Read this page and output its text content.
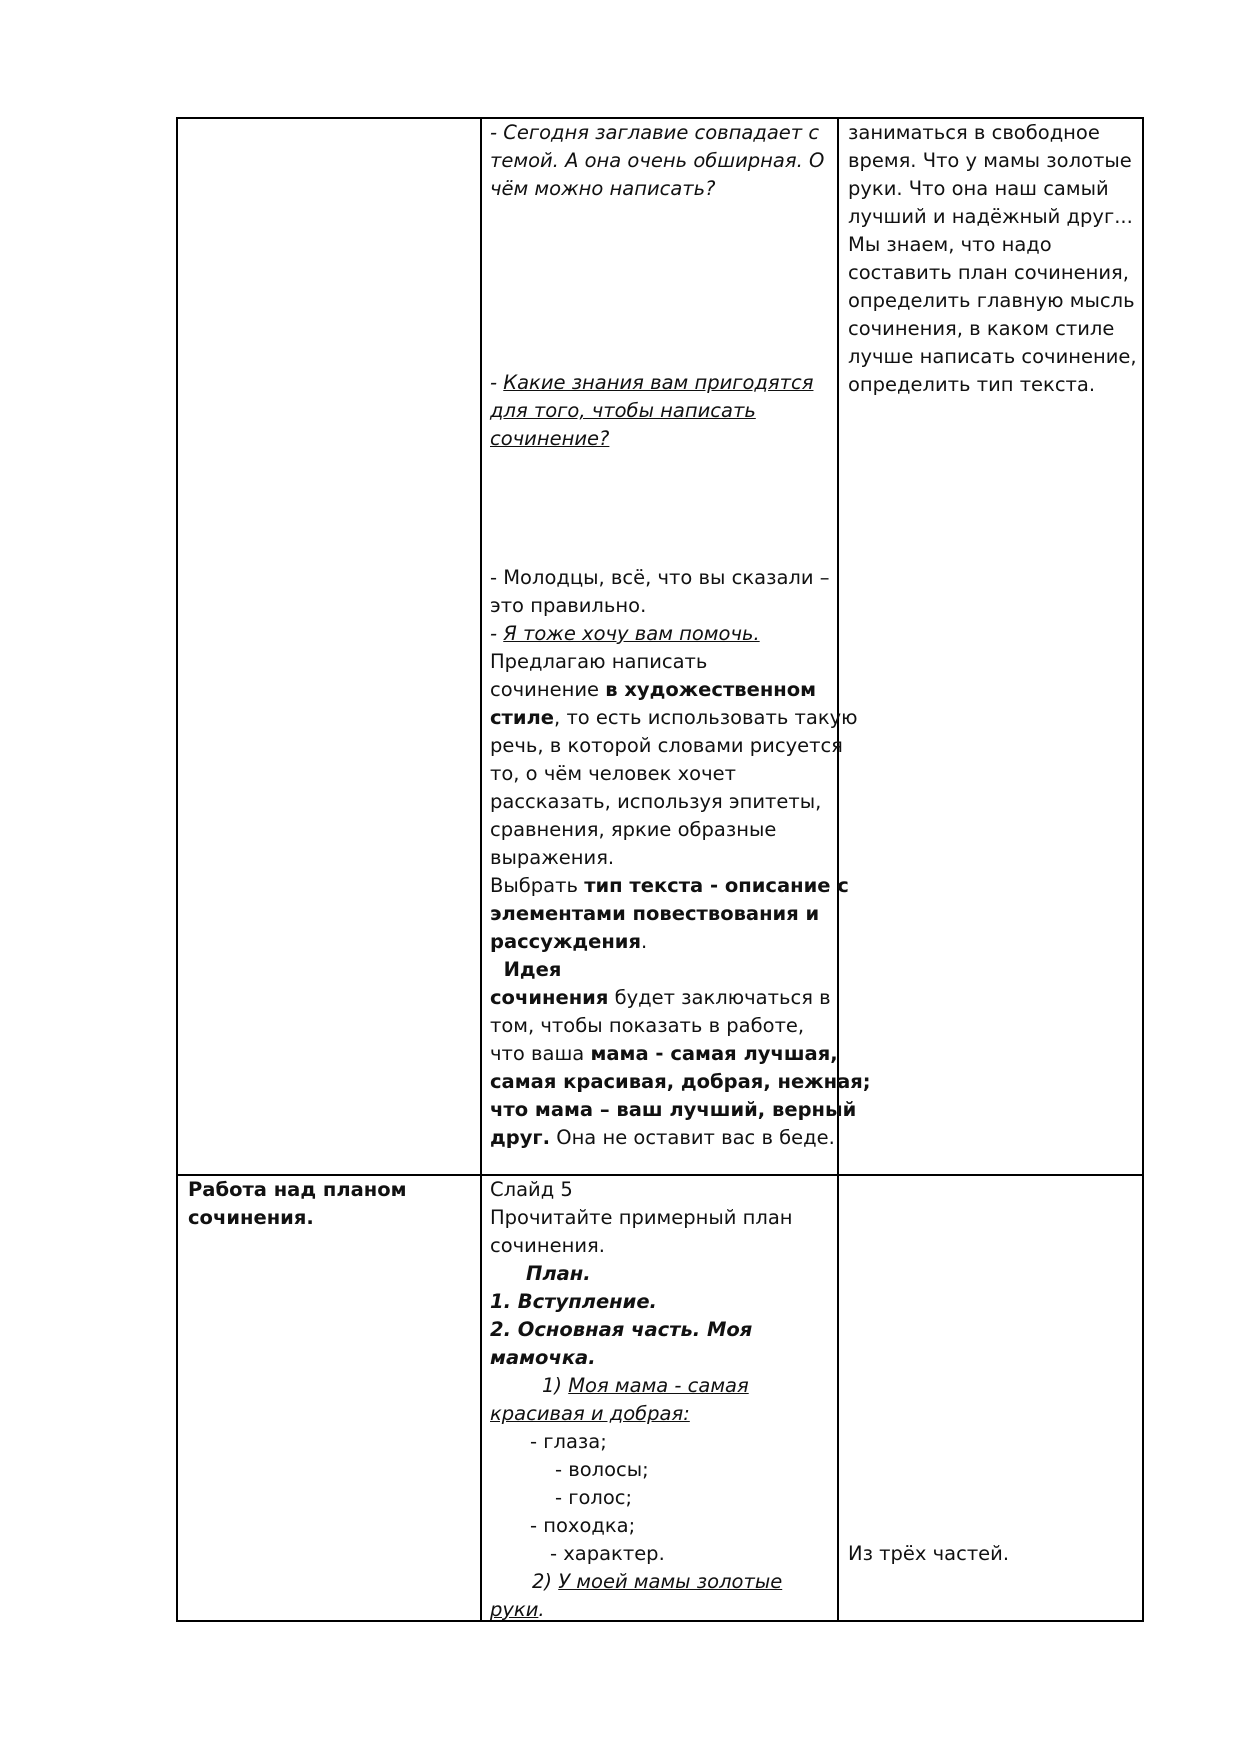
- Сегодня заглавие совпадает с
темой. А она очень обширная. О
чём можно написать?
- Какие знания вам пригодятся
для того, чтобы написать
сочинение?
- Молодцы, всё, что вы сказали –
это правильно.
- Я тоже хочу вам помочь.
Предлагаю написать
сочинение в художественном
стиле, то есть использовать такую
речь, в которой словами рисуется
то, о чём человек хочет
рассказать, используя эпитеты,
сравнения, яркие образные
выражения.
Выбрать тип текста - описание с
элементами повествования и
рассуждения.
Идея
сочинения будет заключаться в
том, чтобы показать в работе,
что ваша мама - самая лучшая,
самая красивая, добрая, нежная;
что мама – ваш лучший, верный
друг. Она не оставит вас в беде.
заниматься в свободное
время. Что у мамы золотые
руки. Что она наш самый
лучший и надёжный друг...
Мы знаем, что надо
составить план сочинения,
определить главную мысль
сочинения, в каком стиле
лучше написать сочинение,
определить тип текста.
Работа над планом
сочинения.
Слайд 5
Прочитайте примерный план
сочинения.
План.
1. Вступление.
2. Основная часть. Моя
мамочка.
1) Моя мама - самая
красивая и добрая:
- глаза;
- волосы;
- голос;
- походка;
- характер.
2) У моей мамы золотые
руки.
Из трёх частей.
